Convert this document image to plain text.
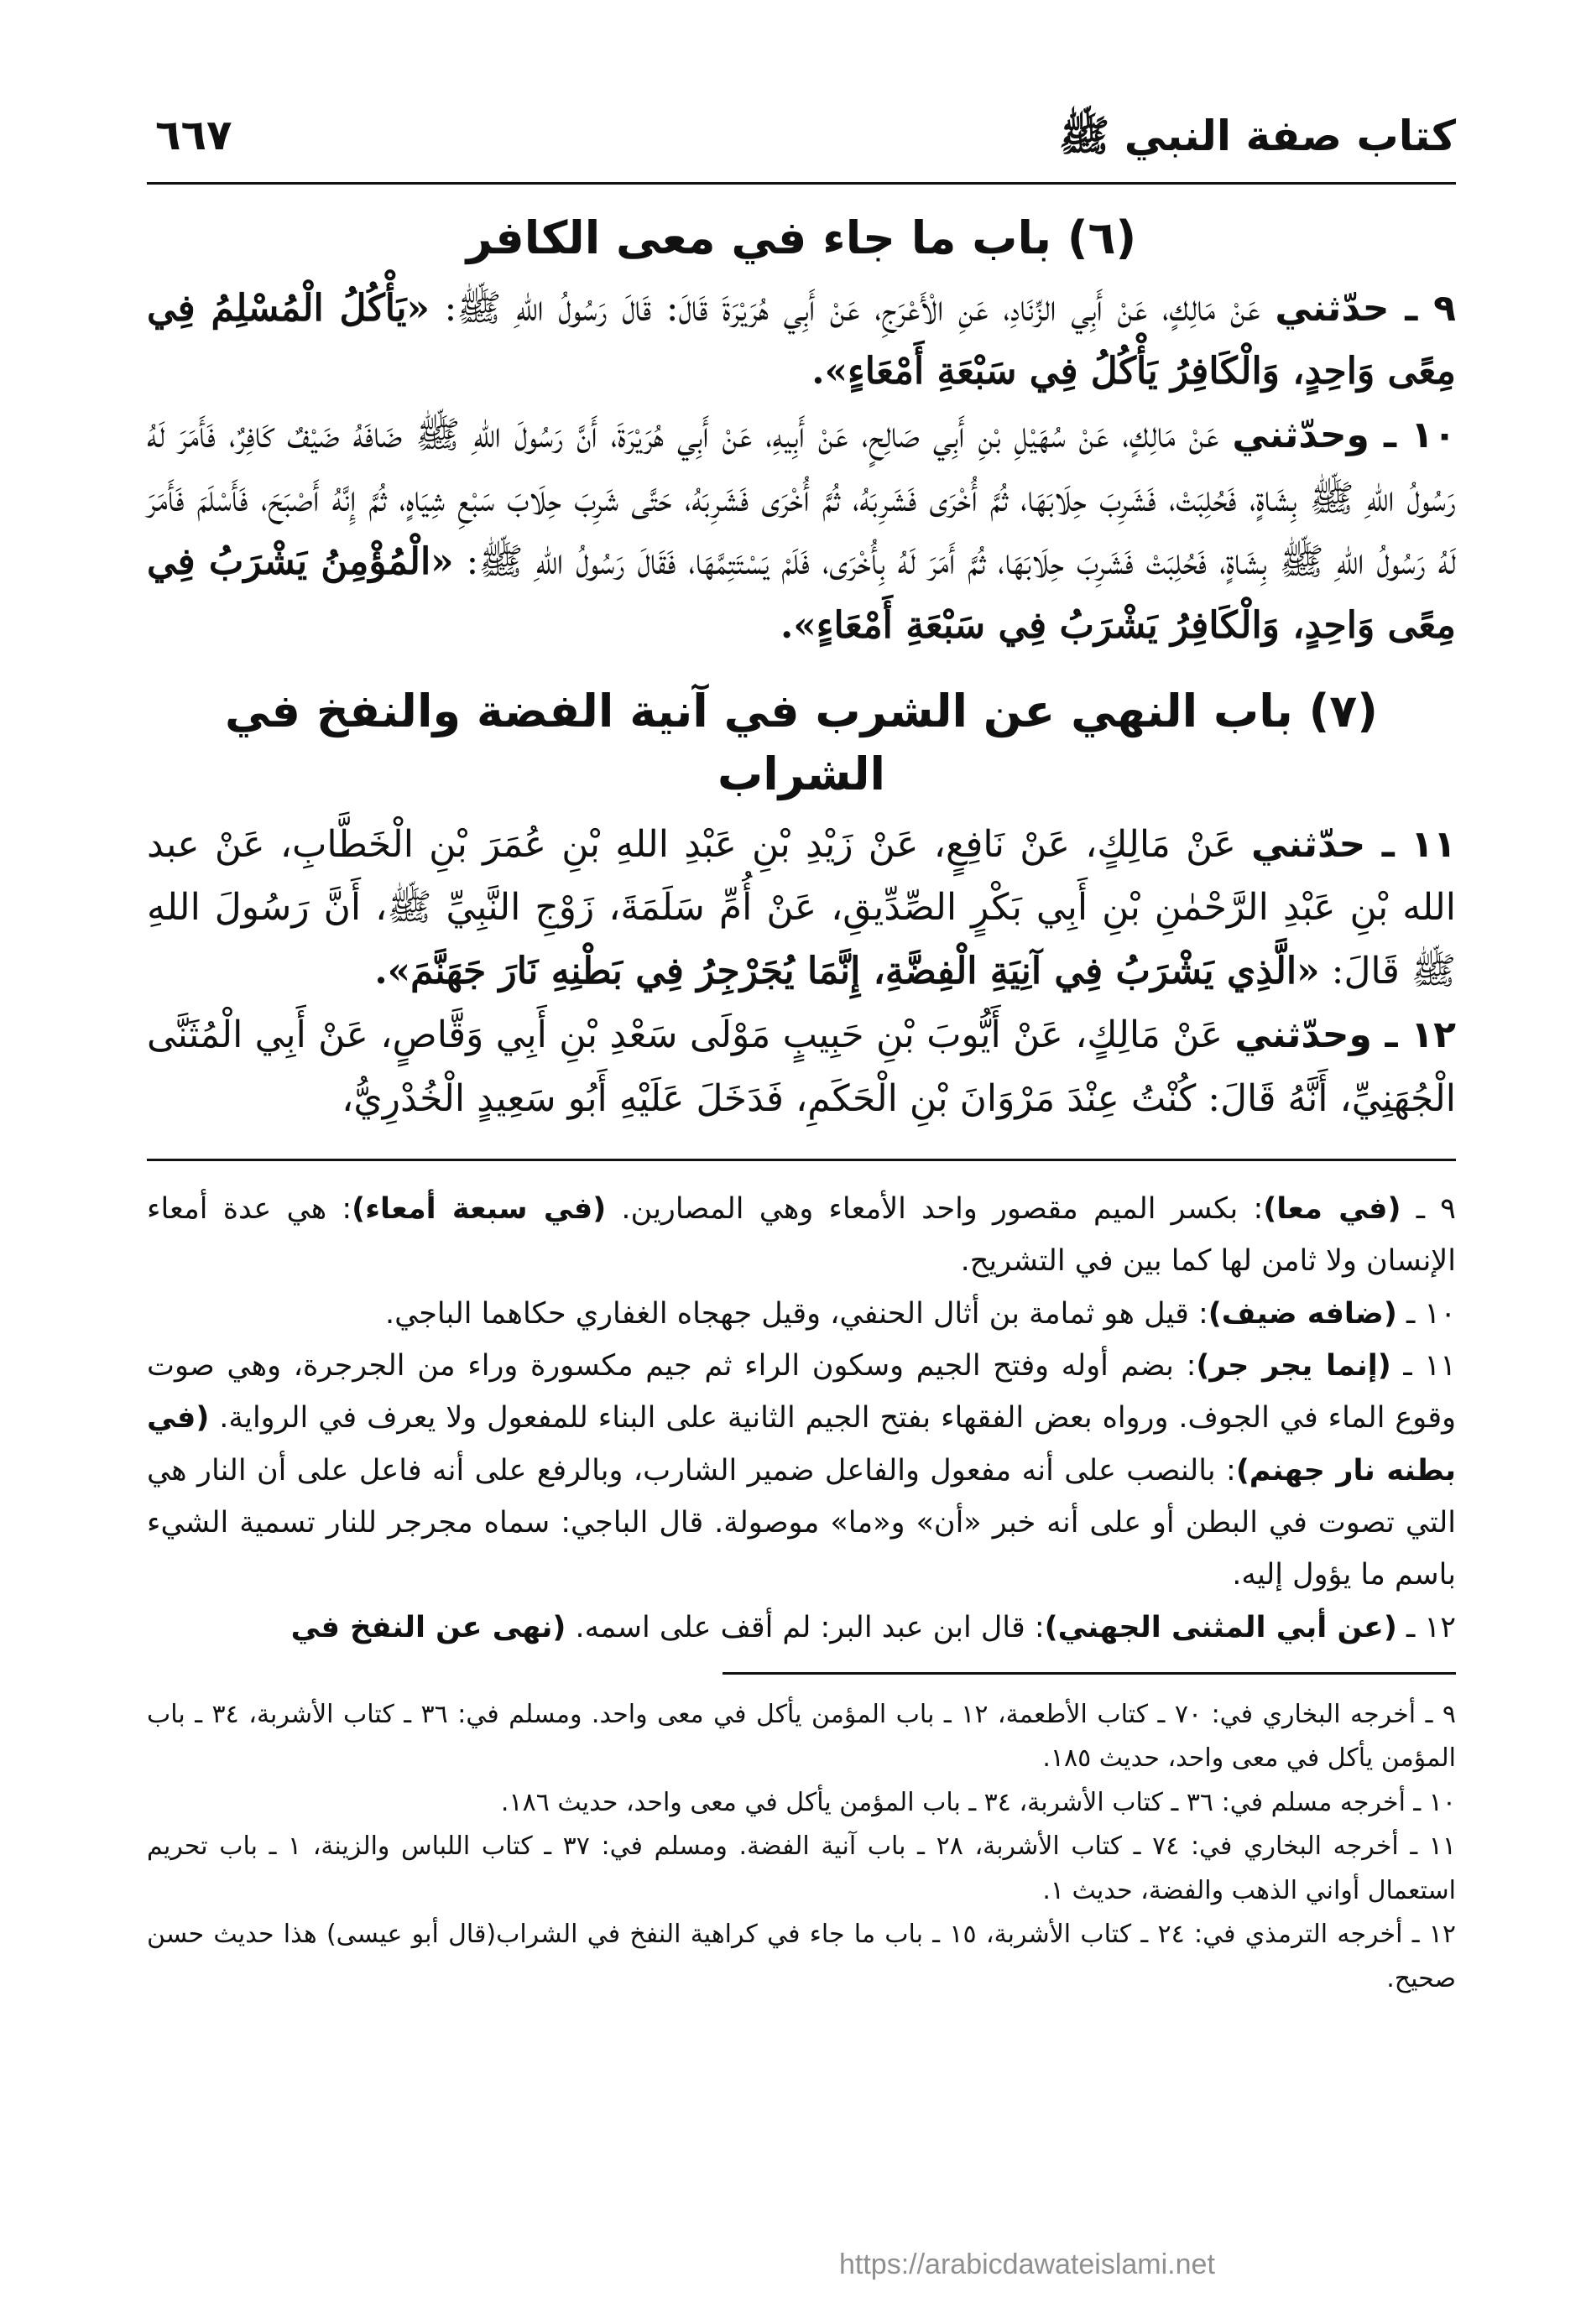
كتاب صفة النبي ﷺ
٦٦٧
(٦) باب ما جاء في معى الكافر

٩ ـ حدّثني عَنْ مَالِكٍ، عَنْ أَبِي الزِّنَادِ، عَنِ الْأَعْرَجِ، عَنْ أَبِي هُرَيْرَةَ قَالَ: قَالَ رَسُولُ اللهِ ﷺ: «يَأْكُلُ الْمُسْلِمُ فِي مِعًى وَاحِدٍ، وَالْكَافِرُ يَأْكُلُ فِي سَبْعَةِ أَمْعَاءٍ».

١٠ ـ وحدّثني عَنْ مَالِكٍ، عَنْ سُهَيْلِ بْنِ أَبِي صَالِحٍ، عَنْ أَبِيهِ، عَنْ أَبِي هُرَيْرَةَ، أَنَّ رَسُولَ اللهِ ﷺ ضَافَهُ ضَيْفٌ كَافِرٌ، فَأَمَرَ لَهُ رَسُولُ اللهِ ﷺ بِشَاةٍ، فَحُلِبَتْ، فَشَرِبَ حِلَابَهَا، ثُمَّ أُخْرَى فَشَرِبَهُ، ثُمَّ أُخْرَى فَشَرِبَهُ، حَتَّى شَرِبَ حِلَابَ سَبْعِ شِيَاهٍ، ثُمَّ إِنَّهُ أَصْبَحَ، فَأَسْلَمَ فَأَمَرَ لَهُ رَسُولُ اللهِ ﷺ بِشَاةٍ، فَحُلِبَتْ فَشَرِبَ حِلَابَهَا، ثُمَّ أَمَرَ لَهُ بِأُخْرَى، فَلَمْ يَسْتَتِمَّهَا، فَقَالَ رَسُولُ اللهِ ﷺ: «الْمُؤْمِنُ يَشْرَبُ فِي مِعًى وَاحِدٍ، وَالْكَافِرُ يَشْرَبُ فِي سَبْعَةِ أَمْعَاءٍ».

(٧) باب النهي عن الشرب في آنية الفضة والنفخ في الشراب

١١ ـ حدّثني عَنْ مَالِكٍ، عَنْ نَافِعٍ، عَنْ زَيْدِ بْنِ عَبْدِ اللهِ بْنِ عُمَرَ بْنِ الْخَطَّابِ، عَنْ عبد الله بْنِ عَبْدِ الرَّحْمٰنِ بْنِ أَبِي بَكْرٍ الصِّدِّيقِ، عَنْ أُمِّ سَلَمَةَ، زَوْجِ النَّبِيِّ ﷺ، أَنَّ رَسُولَ اللهِ ﷺ قَالَ: «الَّذِي يَشْرَبُ فِي آنِيَةِ الْفِضَّةِ، إِنَّمَا يُجَرْجِرُ فِي بَطْنِهِ نَارَ جَهَنَّمَ».

١٢ ـ وحدّثني عَنْ مَالِكٍ، عَنْ أَيُّوبَ بْنِ حَبِيبٍ مَوْلَى سَعْدِ بْنِ أَبِي وَقَّاصٍ، عَنْ أَبِي الْمُثَنَّى الْجُهَنِيِّ، أَنَّهُ قَالَ: كُنْتُ عِنْدَ مَرْوَانَ بْنِ الْحَكَمِ، فَدَخَلَ عَلَيْهِ أَبُو سَعِيدٍ الْخُدْرِيُّ،

٩ ـ (في معا): بكسر الميم مقصور واحد الأمعاء وهي المصارين. (في سبعة أمعاء): هي عدة أمعاء الإنسان ولا ثامن لها كما بين في التشريح.

١٠ ـ (ضافه ضيف): قيل هو ثمامة بن أثال الحنفي، وقيل جهجاه الغفاري حكاهما الباجي.

١١ ـ (إنما يجر جر): بضم أوله وفتح الجيم وسكون الراء ثم جيم مكسورة وراء من الجرجرة، وهي صوت وقوع الماء في الجوف. ورواه بعض الفقهاء بفتح الجيم الثانية على البناء للمفعول ولا يعرف في الرواية. (في بطنه نار جهنم): بالنصب على أنه مفعول والفاعل ضمير الشارب، وبالرفع على أنه فاعل على أن النار هي التي تصوت في البطن أو على أنه خبر «أن» و«ما» موصولة. قال الباجي: سماه مجرجر للنار تسمية الشيء باسم ما يؤول إليه.

١٢ ـ (عن أبي المثنى الجهني): قال ابن عبد البر: لم أقف على اسمه. (نهى عن النفخ في

٩ ـ أخرجه البخاري في: ٧٠ ـ كتاب الأطعمة، ١٢ ـ باب المؤمن يأكل في معى واحد. ومسلم في: ٣٦ ـ كتاب الأشربة، ٣٤ ـ باب المؤمن يأكل في معى واحد، حديث ١٨٥.

١٠ ـ أخرجه مسلم في: ٣٦ ـ كتاب الأشربة، ٣٤ ـ باب المؤمن يأكل في معى واحد، حديث ١٨٦.

١١ ـ أخرجه البخاري في: ٧٤ ـ كتاب الأشربة، ٢٨ ـ باب آنية الفضة. ومسلم في: ٣٧ ـ كتاب اللباس والزينة، ١ ـ باب تحريم استعمال أواني الذهب والفضة، حديث ١.

١٢ ـ أخرجه الترمذي في: ٢٤ ـ كتاب الأشربة، ١٥ ـ باب ما جاء في كراهية النفخ في الشراب(قال أبو عيسى) هذا حديث حسن صحيح.

https://arabicdawateislami.net
